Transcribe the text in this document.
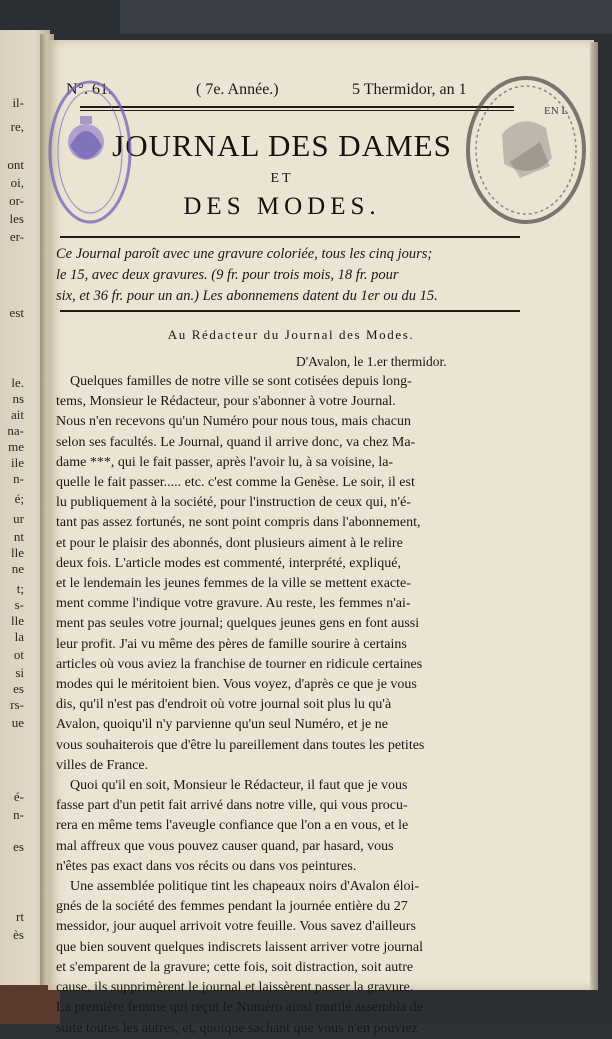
il-
re,
ont
oi,
or-
les
er-
est
le.
ns
ait
na-
me
ile
n-
é;
ur
nt
lle
ne
t;
s-
lle
la
ot
si
es
rs-
ue
é-
n-
es
rt
ès
N°. 61.	( 7e. Année.)	5 Thermidor, an 1
JOURNAL DES DAMES
ET
DES MODES.
Ce Journal paroît avec une gravure coloriée, tous les cinq jours;
le 15, avec deux gravures. (9 fr. pour trois mois, 18 fr. pour
six, et 36 fr. pour un an.) Les abonnemens datent du 1er ou du 15.
Au Rédacteur du Journal des Modes.
D'Avalon, le 1.er thermidor.
Quelques familles de notre ville se sont cotisées depuis long-
tems, Monsieur le Rédacteur, pour s'abonner à votre Journal.
Nous n'en recevons qu'un Numéro pour nous tous, mais chacun
selon ses facultés. Le Journal, quand il arrive donc, va chez Ma-
dame ***, qui le fait passer, après l'avoir lu, à sa voisine, la-
quelle le fait passer..... etc. c'est comme la Genèse. Le soir, il est
lu publiquement à la société, pour l'instruction de ceux qui, n'é-
tant pas assez fortunés, ne sont point compris dans l'abonnement,
et pour le plaisir des abonnés, dont plusieurs aiment à le relire
deux fois. L'article modes est commenté, interprété, expliqué,
et le lendemain les jeunes femmes de la ville se mettent exacte-
ment comme l'indique votre gravure. Au reste, les femmes n'ai-
ment pas seules votre journal; quelques jeunes gens en font aussi
leur profit. J'ai vu même des pères de famille sourire à certains
articles où vous aviez la franchise de tourner en ridicule certaines
modes qui le méritoient bien. Vous voyez, d'après ce que je vous
dis, qu'il n'est pas d'endroit où votre journal soit plus lu qu'à
Avalon, quoiqu'il n'y parvienne qu'un seul Numéro, et je ne
vous souhaiterois que d'être lu pareillement dans toutes les petites
villes de France.
Quoi qu'il en soit, Monsieur le Rédacteur, il faut que je vous
fasse part d'un petit fait arrivé dans notre ville, qui vous procu-
rera en même tems l'aveugle confiance que l'on a en vous, et le
mal affreux que vous pouvez causer quand, par hasard, vous
n'êtes pas exact dans vos récits ou dans vos peintures.
Une assemblée politique tint les chapeaux noirs d'Avalon éloi-
gnés de la société des femmes pendant la journée entière du 27
messidor, jour auquel arrivoit votre feuille. Vous savez d'ailleurs
que bien souvent quelques indiscrets laissent arriver votre journal
et s'emparent de la gravure; cette fois, soit distraction, soit autre
cause, ils supprimèrent le journal et laissèrent passer la gravure.
La première femme qui reçut le Numéro ainsi mutilé assembla de
suite toutes les autres, et, quoique sachant que vous n'en pouviez
EN L
